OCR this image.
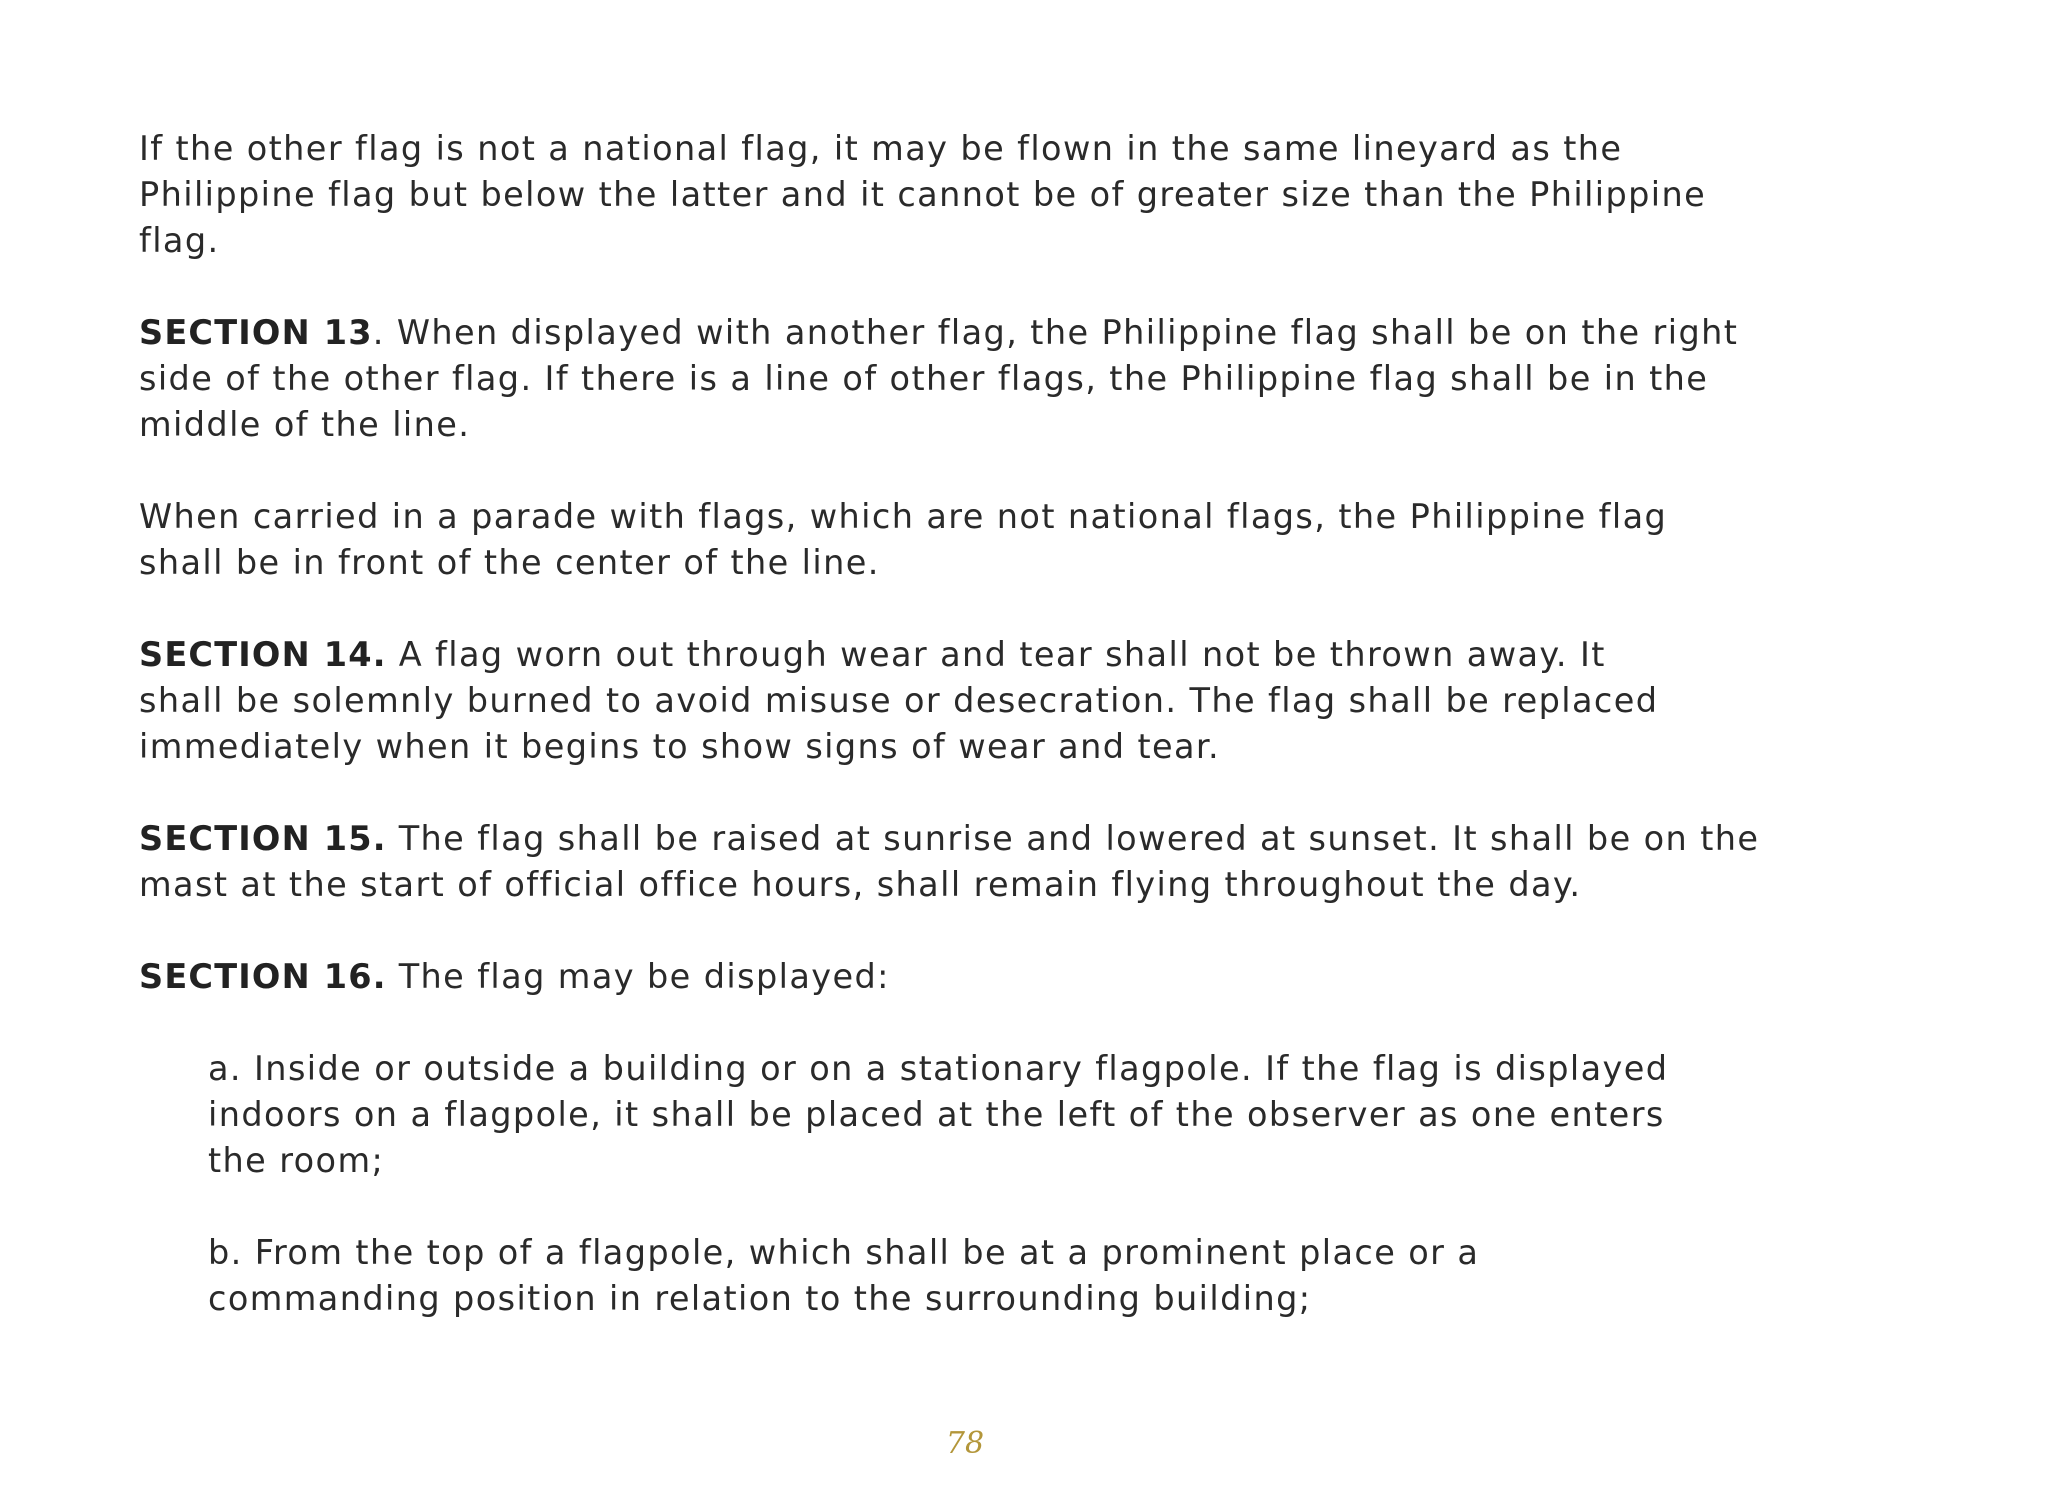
If the other flag is not a national flag, it may be flown in the same lineyard as the
Philippine flag but below the latter and it cannot be of greater size than the Philippine
flag.

SECTION 13. When displayed with another flag, the Philippine flag shall be on the right
side of the other flag. If there is a line of other flags, the Philippine flag shall be in the
middle of the line.

When carried in a parade with flags, which are not national flags, the Philippine flag
shall be in front of the center of the line.

SECTION 14. A flag worn out through wear and tear shall not be thrown away. It
shall be solemnly burned to avoid misuse or desecration. The flag shall be replaced
immediately when it begins to show signs of wear and tear.

SECTION 15. The flag shall be raised at sunrise and lowered at sunset. It shall be on the
mast at the start of official office hours, shall remain flying throughout the day.

SECTION 16. The flag may be displayed:

a. Inside or outside a building or on a stationary flagpole. If the flag is displayed
indoors on a flagpole, it shall be placed at the left of the observer as one enters
the room;

b. From the top of a flagpole, which shall be at a prominent place or a
commanding position in relation to the surrounding building;

78
